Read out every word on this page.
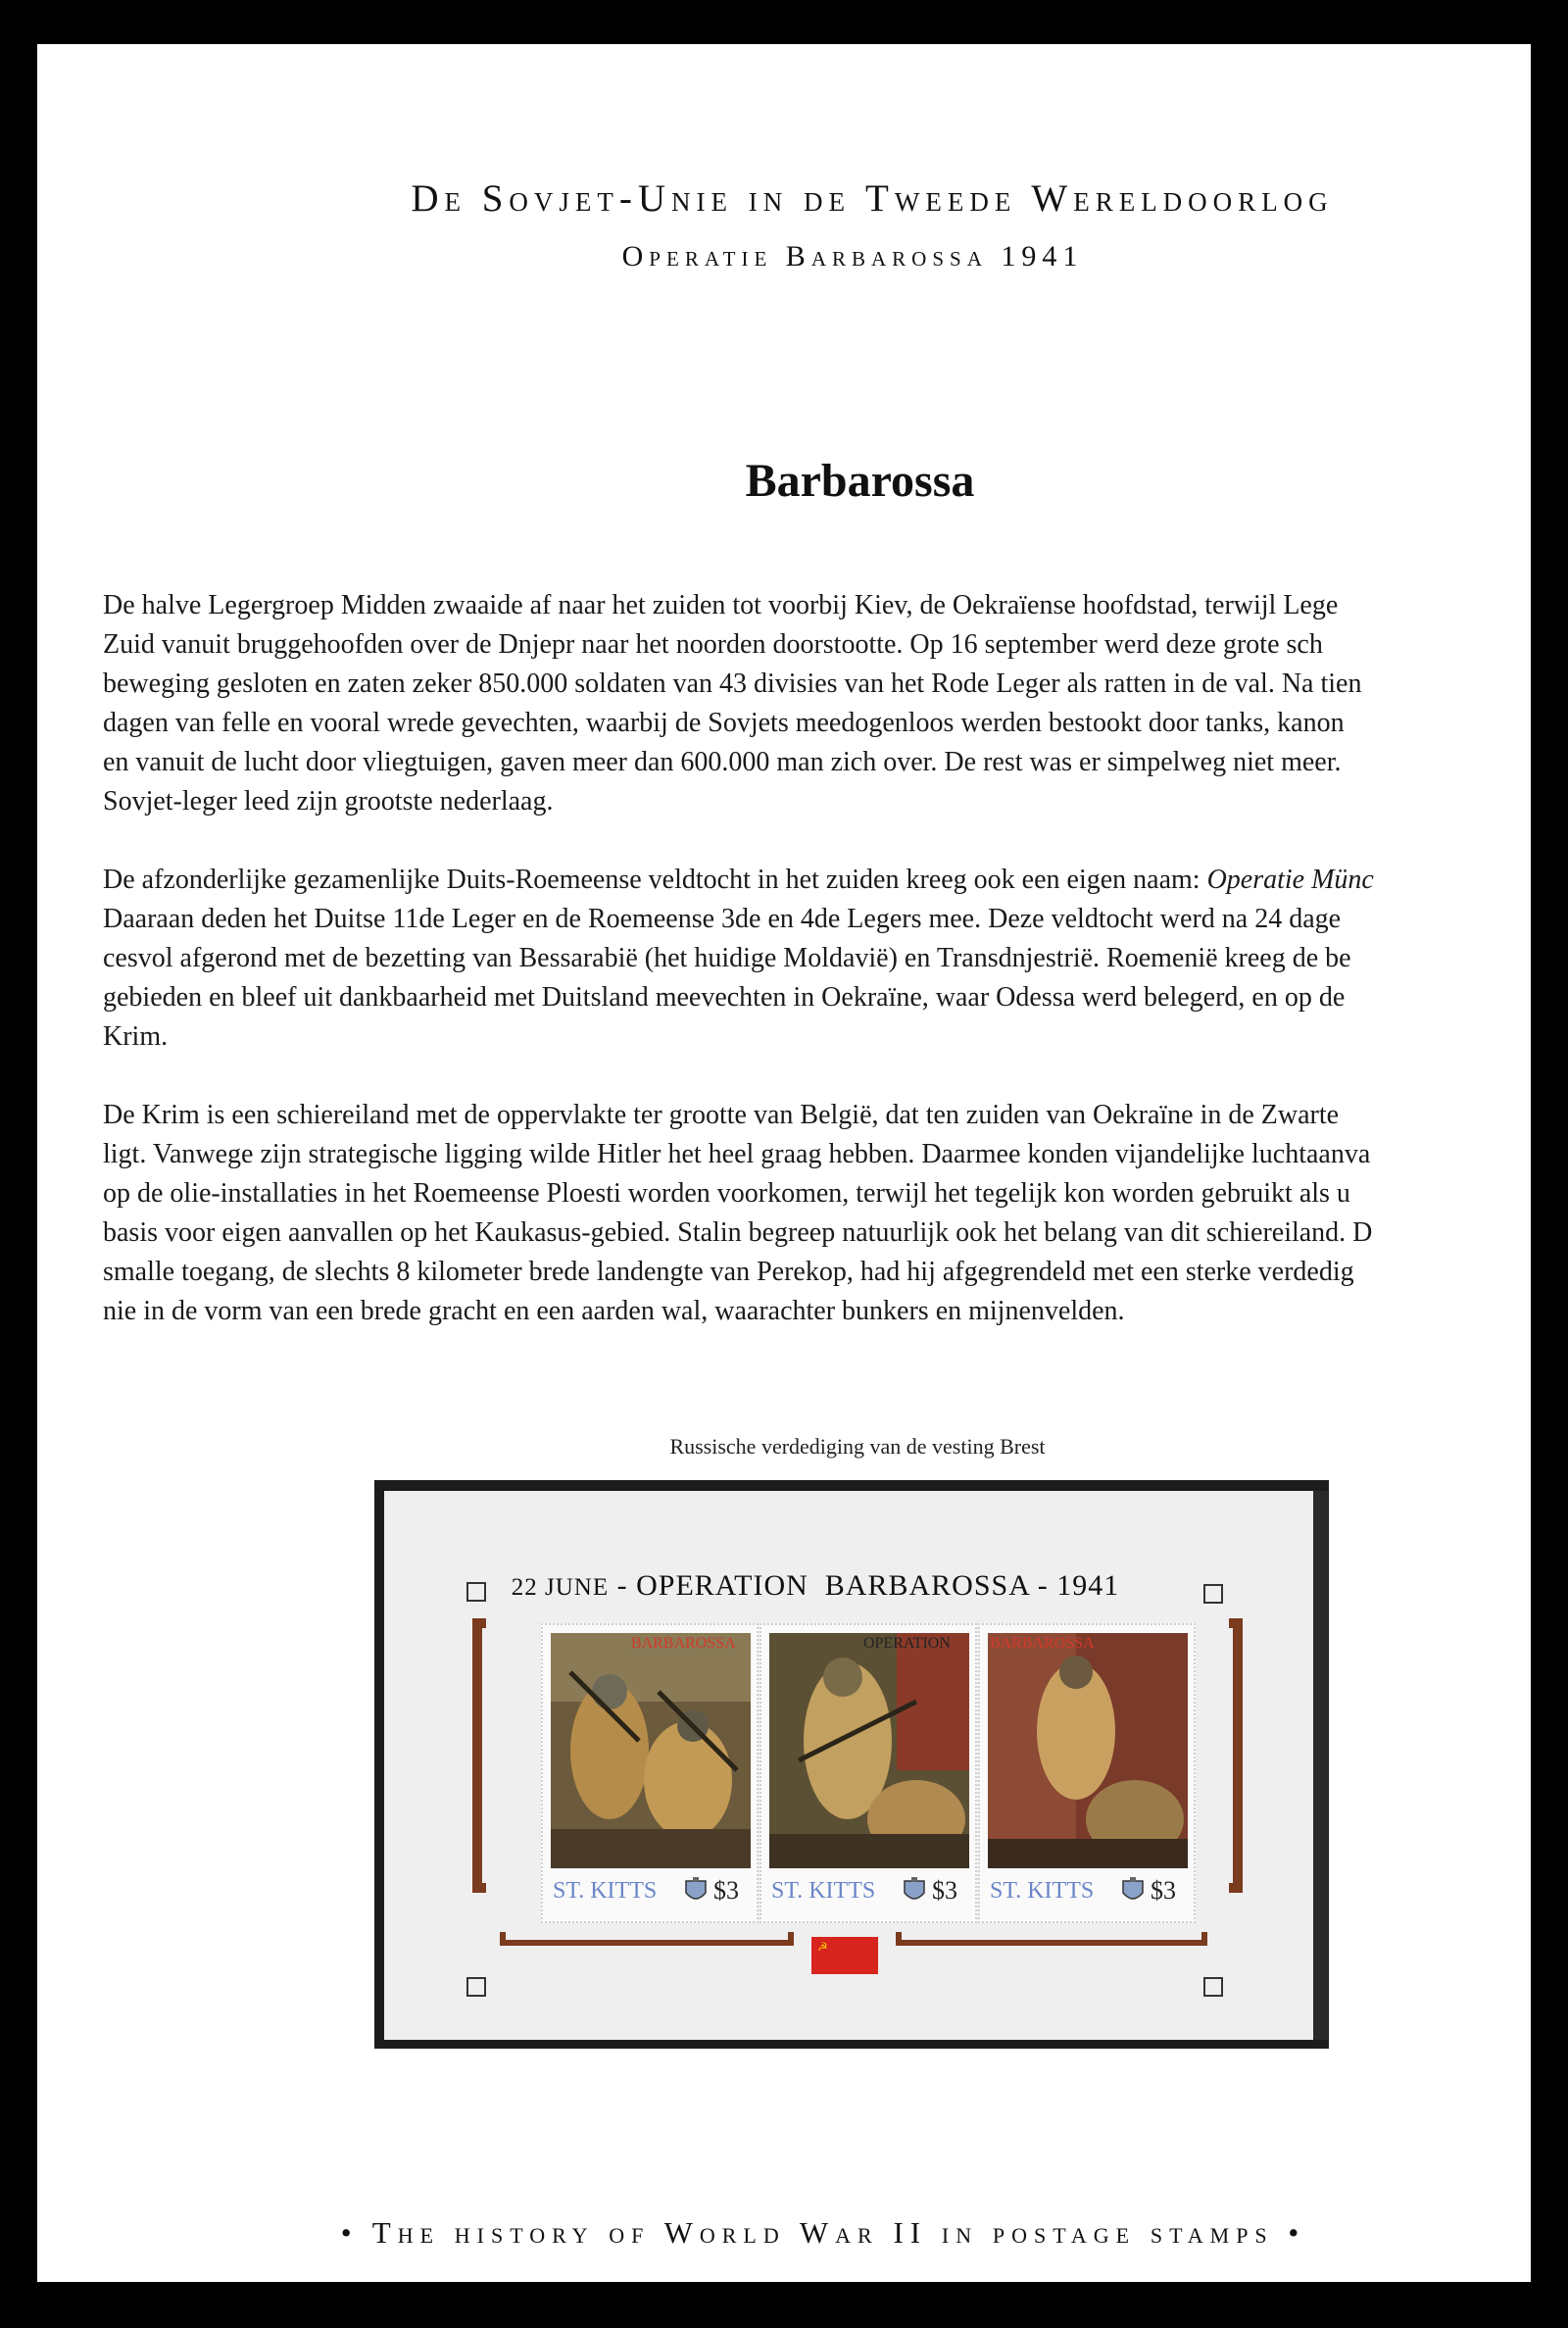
De Sovjet-Unie in de Tweede Wereldoorlog
Operatie Barbarossa 1941
Barbarossa
De halve Legergroep Midden zwaaide af naar het zuiden tot voorbij Kiev, de Oekraïense hoofdstad, terwijl Lege
Zuid vanuit bruggehoofden over de Dnjepr naar het noorden doorstootte. Op 16 september werd deze grote sch
beweging gesloten en zaten zeker 850.000 soldaten van 43 divisies van het Rode Leger als ratten in de val. Na tien
dagen van felle en vooral wrede gevechten, waarbij de Sovjets meedogenloos werden bestookt door tanks, kanon
en vanuit de lucht door vliegtuigen, gaven meer dan 600.000 man zich over. De rest was er simpelweg niet meer.
Sovjet-leger leed zijn grootste nederlaag.
De afzonderlijke gezamenlijke Duits-Roemeense veldtocht in het zuiden kreeg ook een eigen naam: Operatie Münc
Daaraan deden het Duitse 11de Leger en de Roemeense 3de en 4de Legers mee. Deze veldtocht werd na 24 dage
cesvol afgerond met de bezetting van Bessarabië (het huidige Moldavië) en Transdnjestrië. Roemenië kreeg de be
gebieden en bleef uit dankbaarheid met Duitsland meevechten in Oekraïne, waar Odessa werd belegerd, en op de
Krim.
De Krim is een schiereiland met de oppervlakte ter grootte van België, dat ten zuiden van Oekraïne in de Zwarte
ligt. Vanwege zijn strategische ligging wilde Hitler het heel graag hebben. Daarmee konden vijandelijke luchtaanva
op de olie-installaties in het Roemeense Ploesti worden voorkomen, terwijl het tegelijk kon worden gebruikt als u
basis voor eigen aanvallen op het Kaukasus-gebied. Stalin begreep natuurlijk ook het belang van dit schiereiland. D
smalle toegang, de slechts 8 kilometer brede landengte van Perekop, had hij afgegrendeld met een sterke verdedig
nie in de vorm van een brede gracht en een aarden wal, waarachter bunkers en mijnenvelden.
Russische verdediging van de vesting Brest
22 JUNE - OPERATION  BARBAROSSA - 1941
☭
BARBAROSSA
ST. KITTS $3
OPERATION
ST. KITTS $3
BARBAROSSA
ST. KITTS $3
• The history of World War II in postage stamps •
